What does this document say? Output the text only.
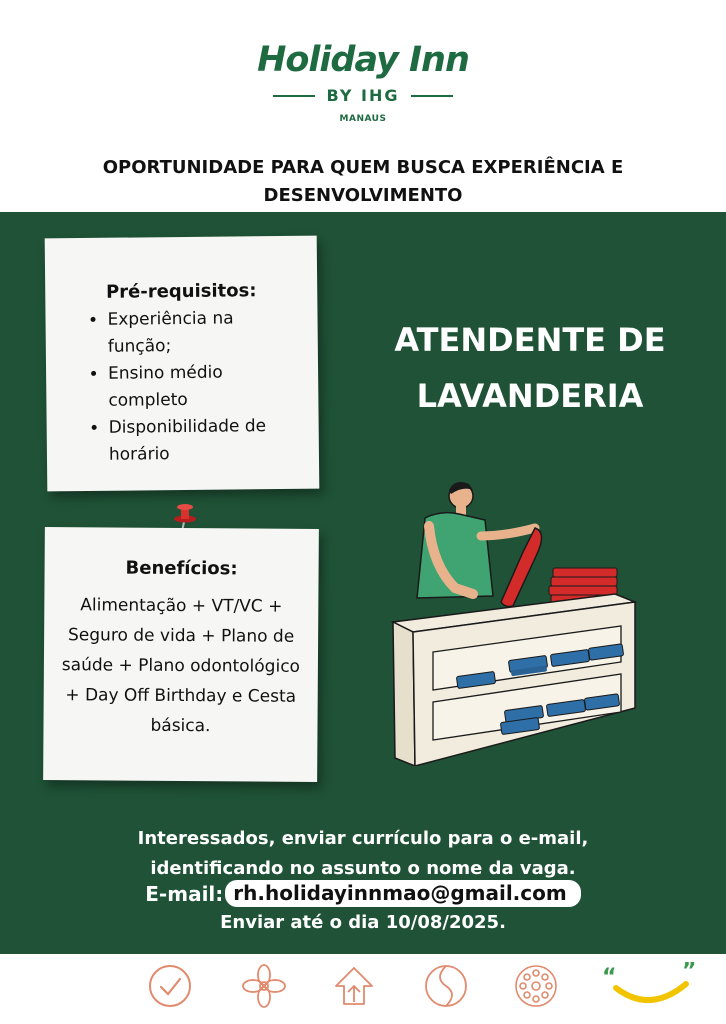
Holiday Inn
BY IHG
MANAUS
OPORTUNIDADE PARA QUEM BUSCA EXPERIÊNCIA E DESENVOLVIMENTO
Pré-requisitos:
• Experiência na função;
• Ensino médio completo
• Disponibilidade de horário
Benefícios:
Alimentação + VT/VC + Seguro de vida + Plano de saúde + Plano odontológico + Day Off Birthday e Cesta básica.
ATENDENTE DE
LAVANDERIA
Interessados, enviar currículo para o e-mail,
identificando no assunto o nome da vaga.
E-mail: rh.holidayinnmao@gmail.com
Enviar até o dia 10/08/2025.
“	”
